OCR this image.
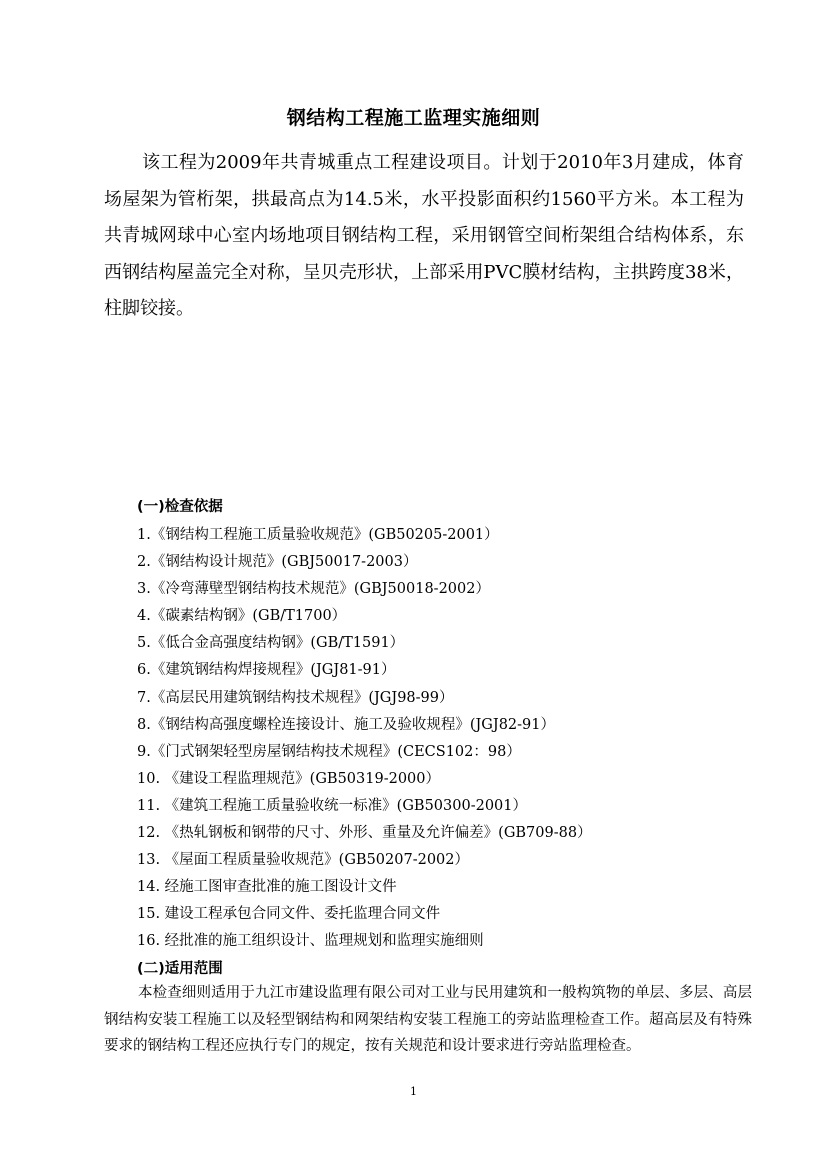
钢结构工程施工监理实施细则

该工程为2009年共青城重点工程建设项目。计划于2010年3月建成，体育场屋架为管桁架，拱最高点为14.5米，水平投影面积约1560平方米。本工程为共青城网球中心室内场地项目钢结构工程，采用钢管空间桁架组合结构体系，东西钢结构屋盖完全对称，呈贝壳形状，上部采用PVC膜材结构，主拱跨度38米，柱脚铰接。

(一)检查依据
1.《钢结构工程施工质量验收规范》(GB50205-2001）
2.《钢结构设计规范》(GBJ50017-2003）
3.《冷弯薄壁型钢结构技术规范》(GBJ50018-2002）
4.《碳素结构钢》(GB/T1700）
5.《低合金高强度结构钢》(GB/T1591）
6.《建筑钢结构焊接规程》(JGJ81-91）
7.《高层民用建筑钢结构技术规程》(JGJ98-99）
8.《钢结构高强度螺栓连接设计、施工及验收规程》(JGJ82-91）
9.《门式钢架轻型房屋钢结构技术规程》(CECS102：98）
10. 《建设工程监理规范》(GB50319-2000）
11. 《建筑工程施工质量验收统一标准》(GB50300-2001）
12. 《热轧钢板和钢带的尺寸、外形、重量及允许偏差》(GB709-88）
13. 《屋面工程质量验收规范》(GB50207-2002）
14. 经施工图审查批准的施工图设计文件
15. 建设工程承包合同文件、委托监理合同文件
16. 经批准的施工组织设计、监理规划和监理实施细则
(二)适用范围

本检查细则适用于九江市建设监理有限公司对工业与民用建筑和一般构筑物的单层、多层、高层钢结构安装工程施工以及轻型钢结构和网架结构安装工程施工的旁站监理检查工作。超高层及有特殊要求的钢结构工程还应执行专门的规定，按有关规范和设计要求进行旁站监理检查。

1
